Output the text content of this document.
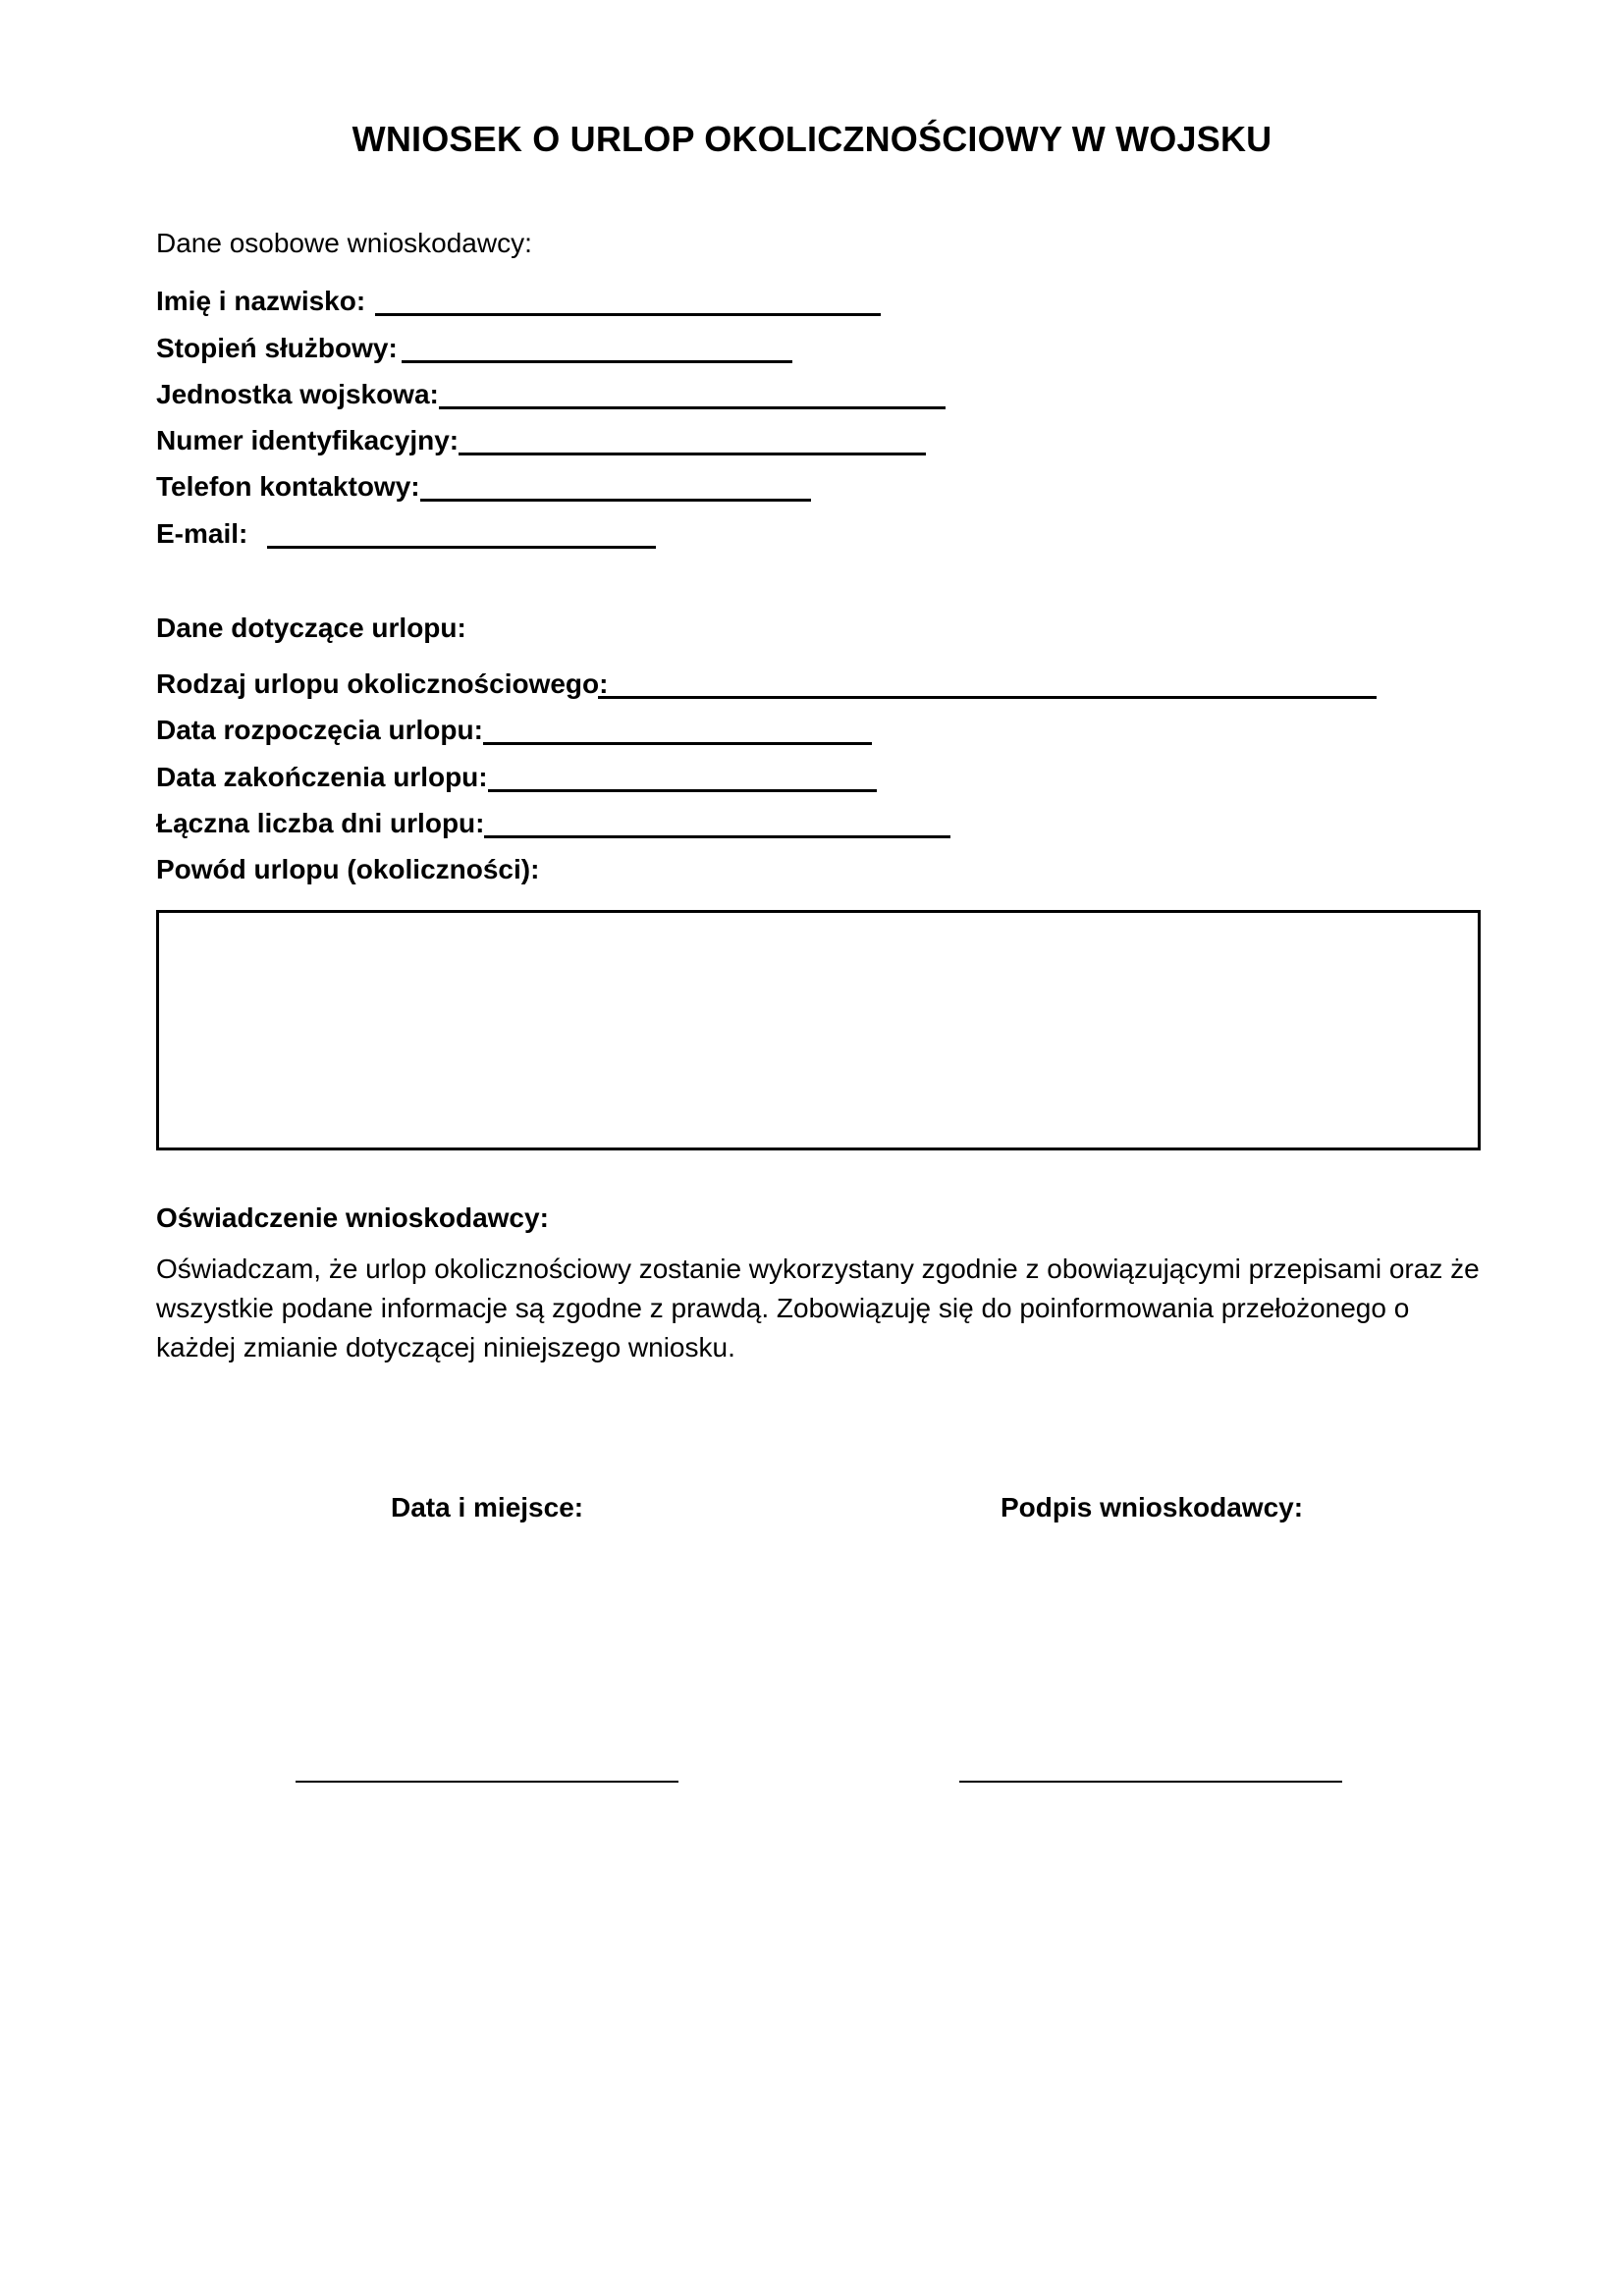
WNIOSEK O URLOP OKOLICZNOŚCIOWY W WOJSKU
Dane osobowe wnioskodawcy:
Imię i nazwisko:
Stopień służbowy:
Jednostka wojskowa:
Numer identyfikacyjny:
Telefon kontaktowy:
E-mail:
Dane dotyczące urlopu:
Rodzaj urlopu okolicznościowego:
Data rozpoczęcia urlopu:
Data zakończenia urlopu:
Łączna liczba dni urlopu:
Powód urlopu (okoliczności):
Oświadczenie wnioskodawcy:

Oświadczam, że urlop okolicznościowy zostanie wykorzystany zgodnie z obowiązującymi przepisami oraz że wszystkie podane informacje są zgodne z prawdą. Zobowiązuję się do poinformowania przełożonego o każdej zmianie dotyczącej niniejszego wniosku.

Data i miejsce:	Podpis wnioskodawcy:
